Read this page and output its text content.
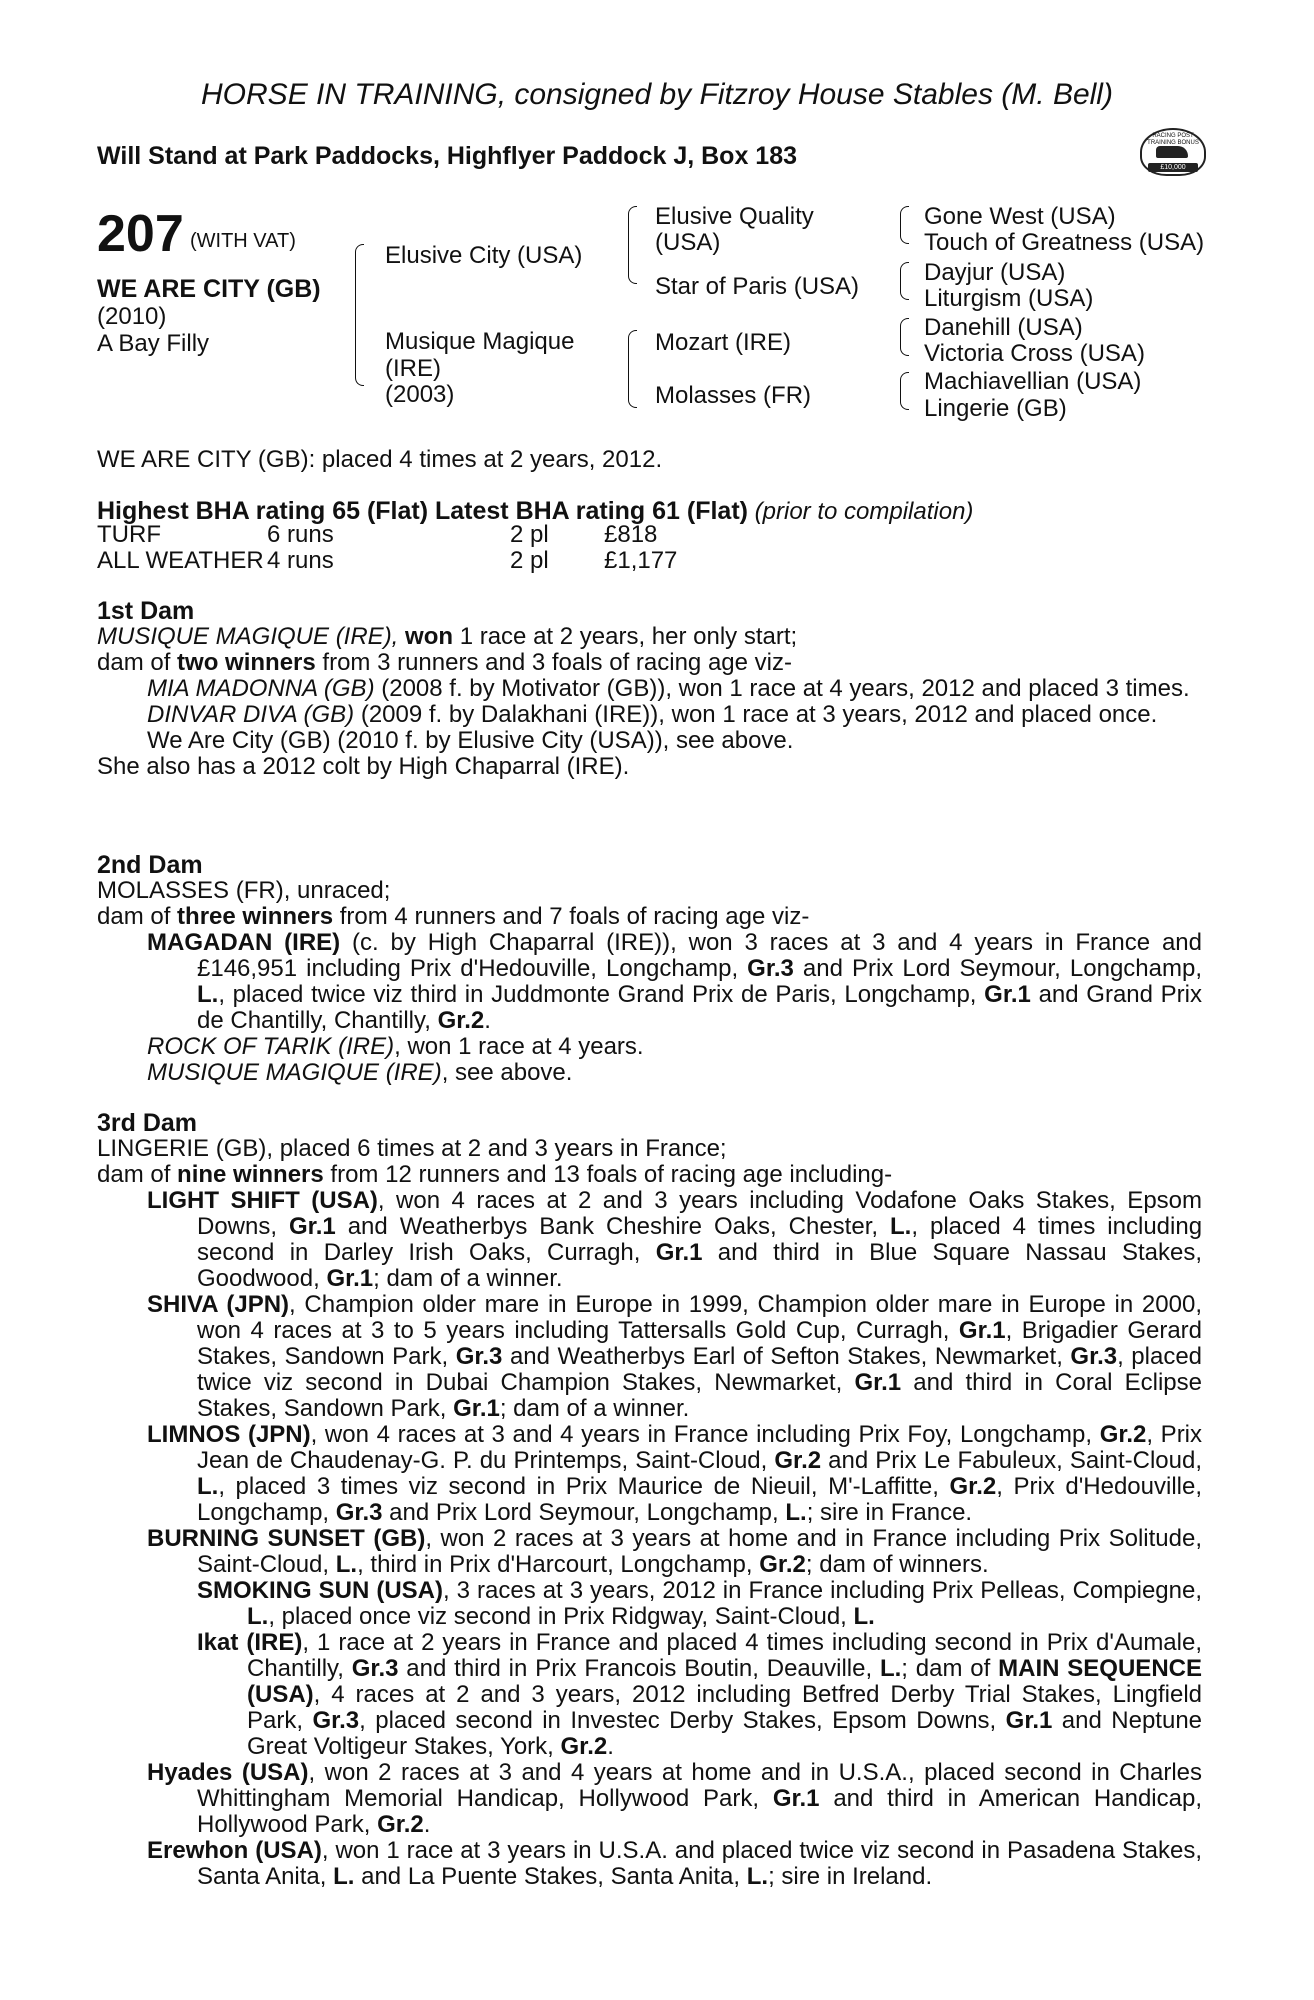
HORSE IN TRAINING, consigned by Fitzroy House Stables (M. Bell)
Will Stand at Park Paddocks, Highflyer Paddock J, Box 183
RACING POST TRAINING BONUS
£10,000
207 (WITH VAT)
WE ARE CITY (GB)
(2010)
A Bay Filly
Elusive City (USA)
Musique Magique
(IRE)
(2003)
Elusive Quality
(USA)
Star of Paris (USA)
Mozart (IRE)
Molasses (FR)
Gone West (USA)
Touch of Greatness (USA)
Dayjur (USA)
Liturgism (USA)
Danehill (USA)
Victoria Cross (USA)
Machiavellian (USA)
Lingerie (GB)
WE ARE CITY (GB): placed 4 times at 2 years, 2012.
Highest BHA rating 65 (Flat) Latest BHA rating 61 (Flat) (prior to compilation)
TURF	6 runs	2 pl	£818
ALL WEATHER	4 runs	2 pl	£1,177

1st Dam

MUSIQUE MAGIQUE (IRE), won 1 race at 2 years, her only start;

dam of two winners from 3 runners and 3 foals of racing age viz-

MIA MADONNA (GB) (2008 f. by Motivator (GB)), won 1 race at 4 years, 2012 and placed 3 times.

DINVAR DIVA (GB) (2009 f. by Dalakhani (IRE)), won 1 race at 3 years, 2012 and placed once.

We Are City (GB) (2010 f. by Elusive City (USA)), see above.

She also has a 2012 colt by High Chaparral (IRE).

2nd Dam

MOLASSES (FR), unraced;

dam of three winners from 4 runners and 7 foals of racing age viz-

MAGADAN (IRE) (c. by High Chaparral (IRE)), won 3 races at 3 and 4 years in France and £146,951 including Prix d'Hedouville, Longchamp, Gr.3 and Prix Lord Seymour, Longchamp, L., placed twice viz third in Juddmonte Grand Prix de Paris, Longchamp, Gr.1 and Grand Prix de Chantilly, Chantilly, Gr.2.

ROCK OF TARIK (IRE), won 1 race at 4 years.

MUSIQUE MAGIQUE (IRE), see above.

3rd Dam

LINGERIE (GB), placed 6 times at 2 and 3 years in France;

dam of nine winners from 12 runners and 13 foals of racing age including-

LIGHT SHIFT (USA), won 4 races at 2 and 3 years including Vodafone Oaks Stakes, Epsom Downs, Gr.1 and Weatherbys Bank Cheshire Oaks, Chester, L., placed 4 times including second in Darley Irish Oaks, Curragh, Gr.1 and third in Blue Square Nassau Stakes, Goodwood, Gr.1; dam of a winner.

SHIVA (JPN), Champion older mare in Europe in 1999, Champion older mare in Europe in 2000, won 4 races at 3 to 5 years including Tattersalls Gold Cup, Curragh, Gr.1, Brigadier Gerard Stakes, Sandown Park, Gr.3 and Weatherbys Earl of Sefton Stakes, Newmarket, Gr.3, placed twice viz second in Dubai Champion Stakes, Newmarket, Gr.1 and third in Coral Eclipse Stakes, Sandown Park, Gr.1; dam of a winner.

LIMNOS (JPN), won 4 races at 3 and 4 years in France including Prix Foy, Longchamp, Gr.2, Prix Jean de Chaudenay-G. P. du Printemps, Saint-Cloud, Gr.2 and Prix Le Fabuleux, Saint-Cloud, L., placed 3 times viz second in Prix Maurice de Nieuil, M'-Laffitte, Gr.2, Prix d'Hedouville, Longchamp, Gr.3 and Prix Lord Seymour, Longchamp, L.; sire in France.

BURNING SUNSET (GB), won 2 races at 3 years at home and in France including Prix Solitude, Saint-Cloud, L., third in Prix d'Harcourt, Longchamp, Gr.2; dam of winners.

SMOKING SUN (USA), 3 races at 3 years, 2012 in France including Prix Pelleas, Compiegne, L., placed once viz second in Prix Ridgway, Saint-Cloud, L.

Ikat (IRE), 1 race at 2 years in France and placed 4 times including second in Prix d'Aumale, Chantilly, Gr.3 and third in Prix Francois Boutin, Deauville, L.; dam of MAIN SEQUENCE (USA), 4 races at 2 and 3 years, 2012 including Betfred Derby Trial Stakes, Lingfield Park, Gr.3, placed second in Investec Derby Stakes, Epsom Downs, Gr.1 and Neptune Great Voltigeur Stakes, York, Gr.2.

Hyades (USA), won 2 races at 3 and 4 years at home and in U.S.A., placed second in Charles Whittingham Memorial Handicap, Hollywood Park, Gr.1 and third in American Handicap, Hollywood Park, Gr.2.

Erewhon (USA), won 1 race at 3 years in U.S.A. and placed twice viz second in Pasadena Stakes, Santa Anita, L. and La Puente Stakes, Santa Anita, L.; sire in Ireland.
